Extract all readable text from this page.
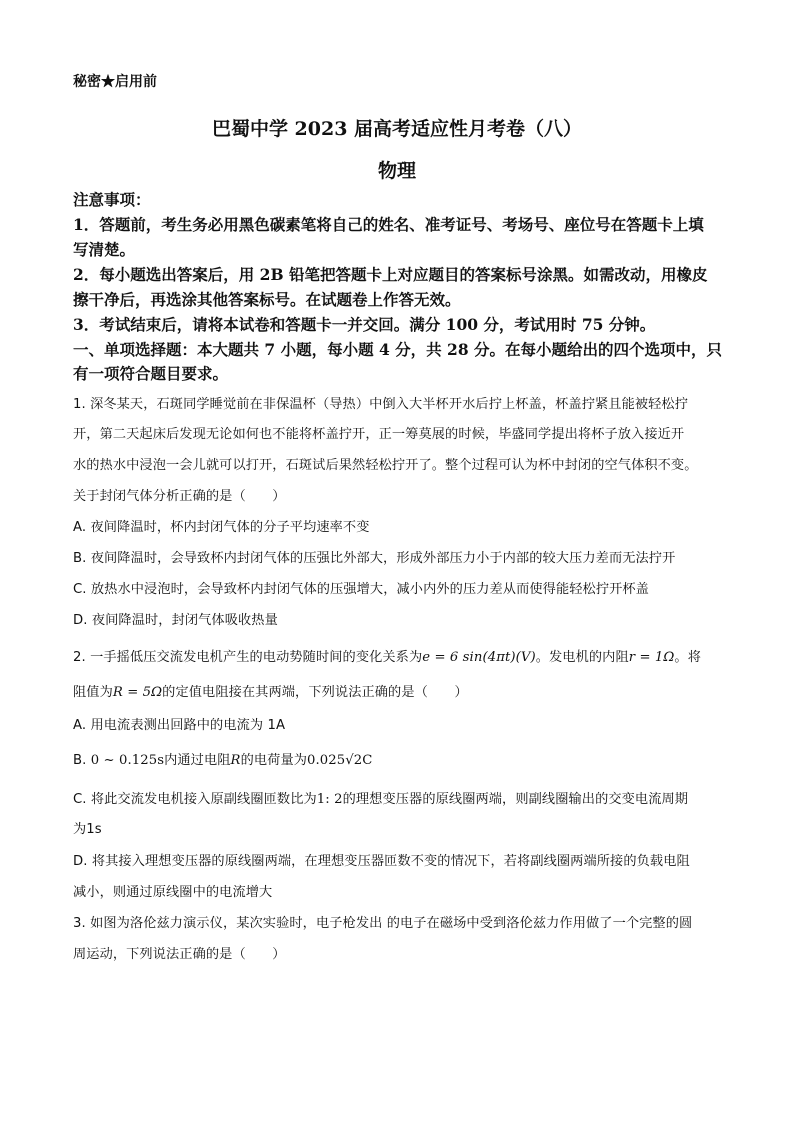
秘密★启用前
巴蜀中学 2023 届高考适应性月考卷（八）
物理
注意事项：
1．答题前，考生务必用黑色碳素笔将自己的姓名、准考证号、考场号、座位号在答题卡上填
写清楚。
2．每小题选出答案后，用 2B 铅笔把答题卡上对应题目的答案标号涂黑。如需改动，用橡皮
擦干净后，再选涂其他答案标号。在试题卷上作答无效。
3．考试结束后，请将本试卷和答题卡一并交回。满分 100 分，考试用时 75 分钟。
一、单项选择题：本大题共 7 小题，每小题 4 分，共 28 分。在每小题给出的四个选项中，只
有一项符合题目要求。
1. 深冬某天，石斑同学睡觉前在非保温杯（导热）中倒入大半杯开水后拧上杯盖，杯盖拧紧且能被轻松拧
开，第二天起床后发现无论如何也不能将杯盖拧开，正一筹莫展的时候，毕盛同学提出将杯子放入接近开
水的热水中浸泡一会儿就可以打开，石斑试后果然轻松拧开了。整个过程可认为杯中封闭的空气体积不变。
关于封闭气体分析正确的是（　　）
A. 夜间降温时，杯内封闭气体的分子平均速率不变
B. 夜间降温时，会导致杯内封闭气体的压强比外部大，形成外部压力小于内部的较大压力差而无法拧开
C. 放热水中浸泡时，会导致杯内封闭气体的压强增大，减小内外的压力差从而使得能轻松拧开杯盖
D. 夜间降温时，封闭气体吸收热量
2. 一手摇低压交流发电机产生的电动势随时间的变化关系为e = 6 sin(4πt)(V)。发电机的内阻r = 1Ω。将
阻值为R = 5Ω的定值电阻接在其两端，下列说法正确的是（　　）
A. 用电流表测出回路中的电流为 1A
B. 0 ~ 0.125s内通过电阻R的电荷量为0.025√2C
C. 将此交流发电机接入原副线圈匝数比为1: 2的理想变压器的原线圈两端，则副线圈输出的交变电流周期
为1s
D. 将其接入理想变压器的原线圈两端，在理想变压器匝数不变的情况下，若将副线圈两端所接的负载电阻
减小，则通过原线圈中的电流增大
3. 如图为洛伦兹力演示仪，某次实验时，电子枪发出 的电子在磁场中受到洛伦兹力作用做了一个完整的圆
周运动，下列说法正确的是（　　）
